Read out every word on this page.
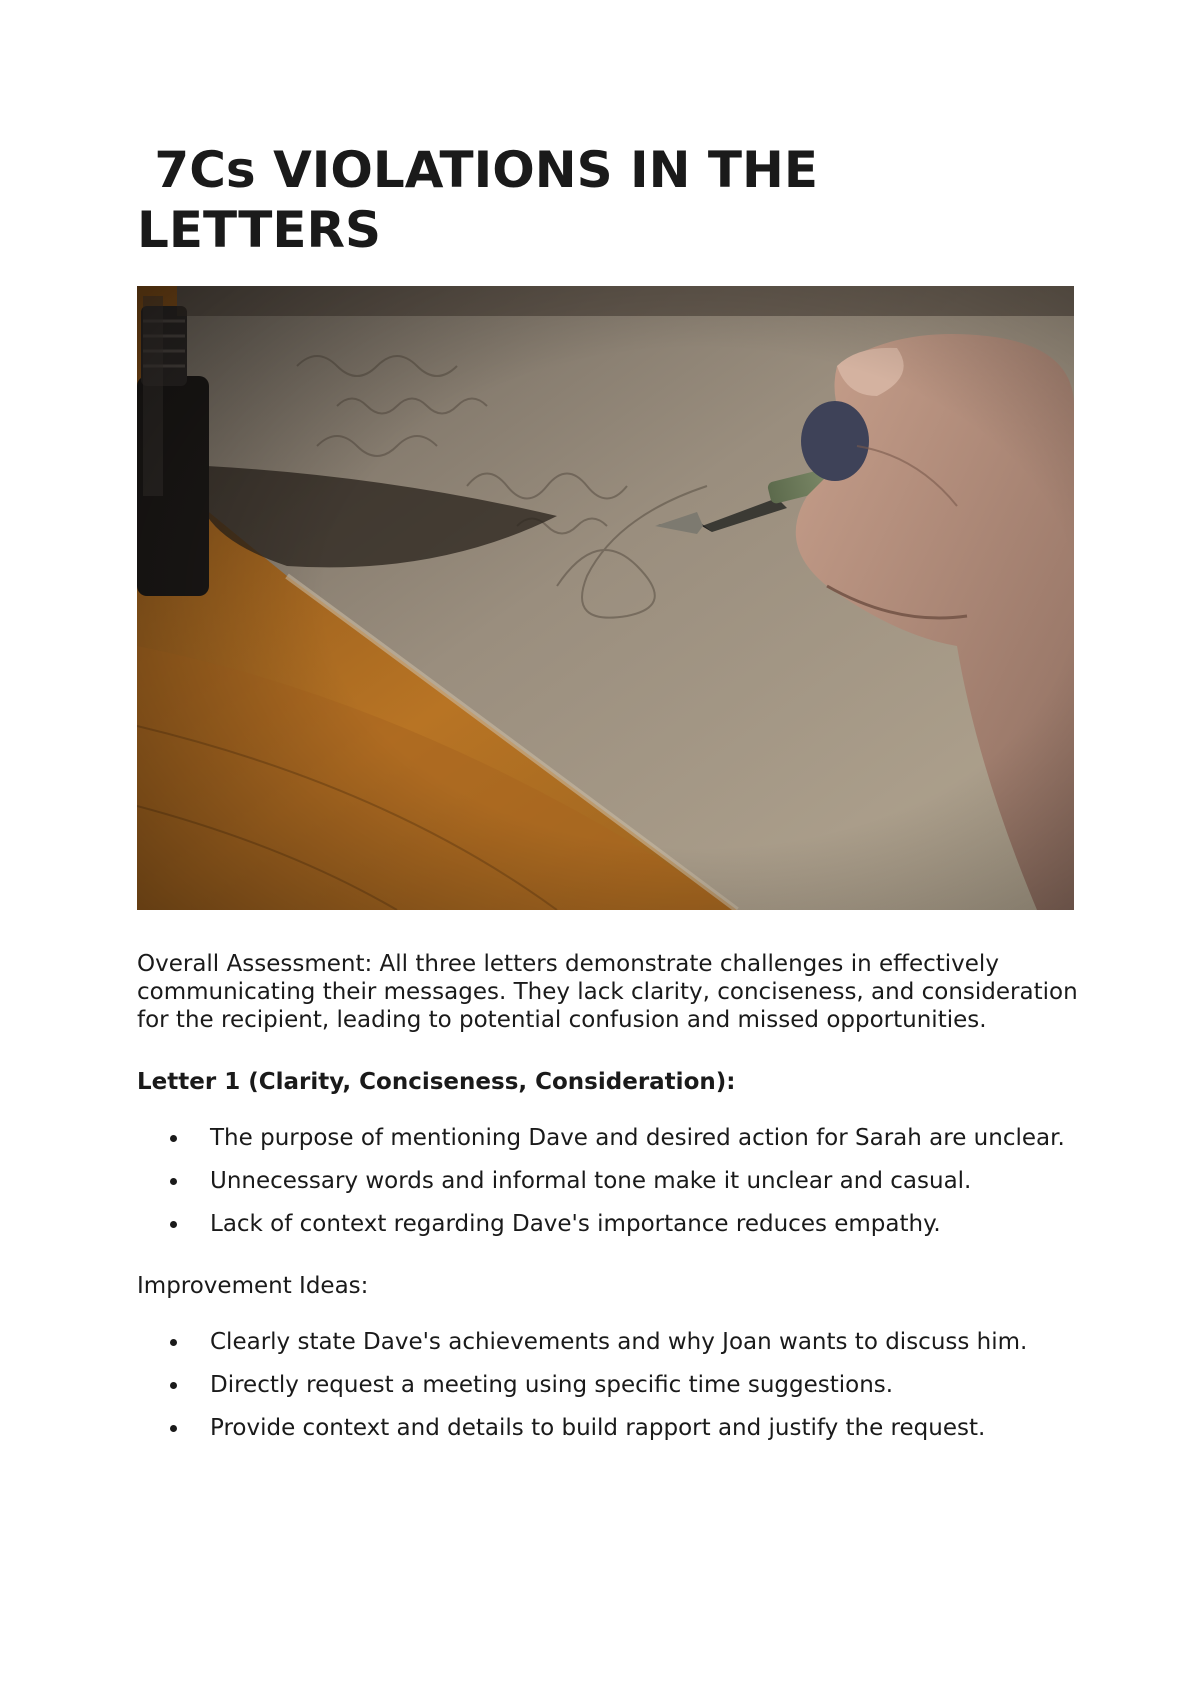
7Cs VIOLATIONS IN THE LETTERS

Overall Assessment: All three letters demonstrate challenges in effectively communicating their messages. They lack clarity, conciseness, and consideration for the recipient, leading to potential confusion and missed opportunities.

Letter 1 (Clarity, Conciseness, Consideration):

The purpose of mentioning Dave and desired action for Sarah are unclear.
Unnecessary words and informal tone make it unclear and casual.
Lack of context regarding Dave's importance reduces empathy.

Improvement Ideas:

Clearly state Dave's achievements and why Joan wants to discuss him.
Directly request a meeting using specific time suggestions.
Provide context and details to build rapport and justify the request.
